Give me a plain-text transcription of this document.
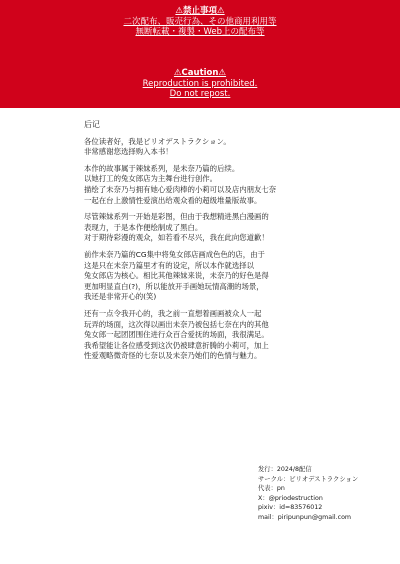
⚠禁止事項⚠
二次配布、販売行為、その他商用利用等
無断転載・複製・Web上の配布等
⚠Caution⚠
Reproduction is prohibited.
Do not repost.
后记

各位读者好，我是ピリオデストラクション。
非常感谢您选择购入本书！

本作的故事属于辣妹系列，是未奈乃篇的后续。
以她打工的兔女郎店为主舞台进行创作。
描绘了未奈乃与拥有她心爱肉棒的小莉可以及店内朋友七奈
一起在台上激情性爱演出给观众看的超级堆量版故事。

尽管辣妹系列一开始是彩图，但由于我想精进黑白漫画的
表现力，于是本作便绘制成了黑白。
对于期待彩漫的观众，如若看不尽兴，我在此向您道歉！

前作未奈乃篇的CG集中将兔女郎店画成色色的店，由于
这是只在未奈乃篇里才有的设定，所以本作就选择以
兔女郎店为核心。相比其他辣妹来说，未奈乃的好色是得
更加明显直白(?)，所以能放开手画她玩情高潮的场景，
我还是非常开心的(笑)

还有一点令我开心的，我之前一直想着画画被众人一起
玩弄的场面，这次得以画出未奈乃被包括七奈在内的其他
兔女郎一起团团围住进行众百合爱抚的场面，我很满足。
我希望能让各位感受到这次仍被肆意折腾的小莉可，加上
性爱观略微奇怪的七奈以及未奈乃她们的色情与魅力。

发行：2024/8配信
サークル：ピリオデストラクション
代表：pn
X：@priodestruction
pixiv：id=83576012
mail：piripunpun@gmail.com
